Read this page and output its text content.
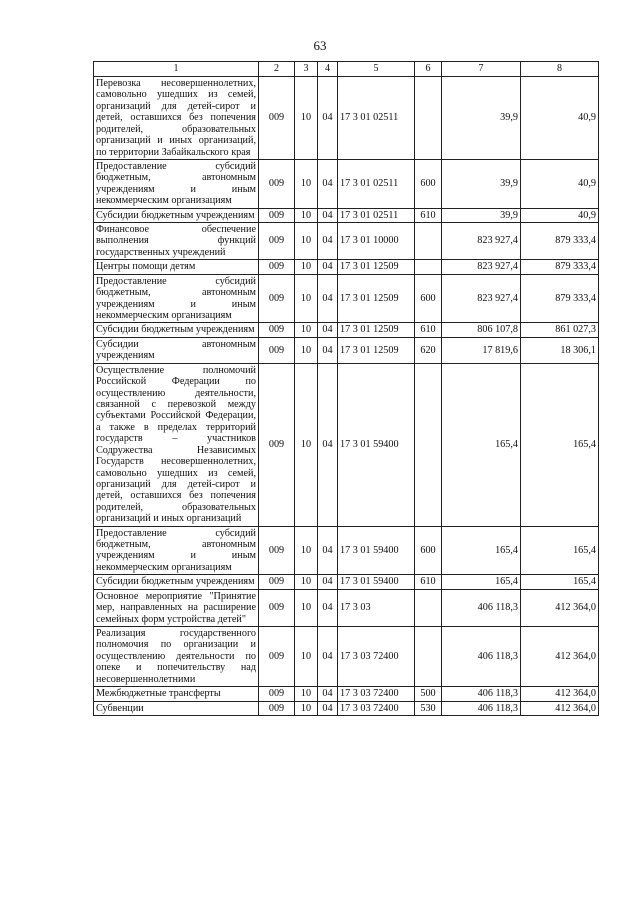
63
1	2	3	4	5	6	7	8
Перевозка несовершеннолетних, самовольно ушедших из семей, организаций для детей-сирот и детей, оставшихся без попечения родителей, образовательных организаций и иных организаций, по территории Забайкальского края	009	10	04	17 3 01 02511		39,9	40,9
Предоставление субсидий бюджетным, автономным учреждениям и иным некоммерческим организациям	009	10	04	17 3 01 02511	600	39,9	40,9
Субсидии бюджетным учреждениям	009	10	04	17 3 01 02511	610	39,9	40,9
Финансовое обеспечение выполнения функций государственных учреждений	009	10	04	17 3 01 10000		823 927,4	879 333,4
Центры помощи детям	009	10	04	17 3 01 12509		823 927,4	879 333,4
Предоставление субсидий бюджетным, автономным учреждениям и иным некоммерческим организациям	009	10	04	17 3 01 12509	600	823 927,4	879 333,4
Субсидии бюджетным учреждениям	009	10	04	17 3 01 12509	610	806 107,8	861 027,3
Субсидии автономным учреждениям	009	10	04	17 3 01 12509	620	17 819,6	18 306,1
Осуществление полномочий Российской Федерации по осуществлению деятельности, связанной с перевозкой между субъектами Российской Федерации, а также в пределах территорий государств – участников Содружества Независимых Государств несовершеннолетних, самовольно ушедших из семей, организаций для детей-сирот и детей, оставшихся без попечения родителей, образовательных организаций и иных организаций	009	10	04	17 3 01 59400		165,4	165,4
Предоставление субсидий бюджетным, автономным учреждениям и иным некоммерческим организациям	009	10	04	17 3 01 59400	600	165,4	165,4
Субсидии бюджетным учреждениям	009	10	04	17 3 01 59400	610	165,4	165,4
Основное мероприятие "Принятие мер, направленных на расширение семейных форм устройства детей"	009	10	04	17 3 03		406 118,3	412 364,0
Реализация государственного полномочия по организации и осуществлению деятельности по опеке и попечительству над несовершеннолетними	009	10	04	17 3 03 72400		406 118,3	412 364,0
Межбюджетные трансферты	009	10	04	17 3 03 72400	500	406 118,3	412 364,0
Субвенции	009	10	04	17 3 03 72400	530	406 118,3	412 364,0
